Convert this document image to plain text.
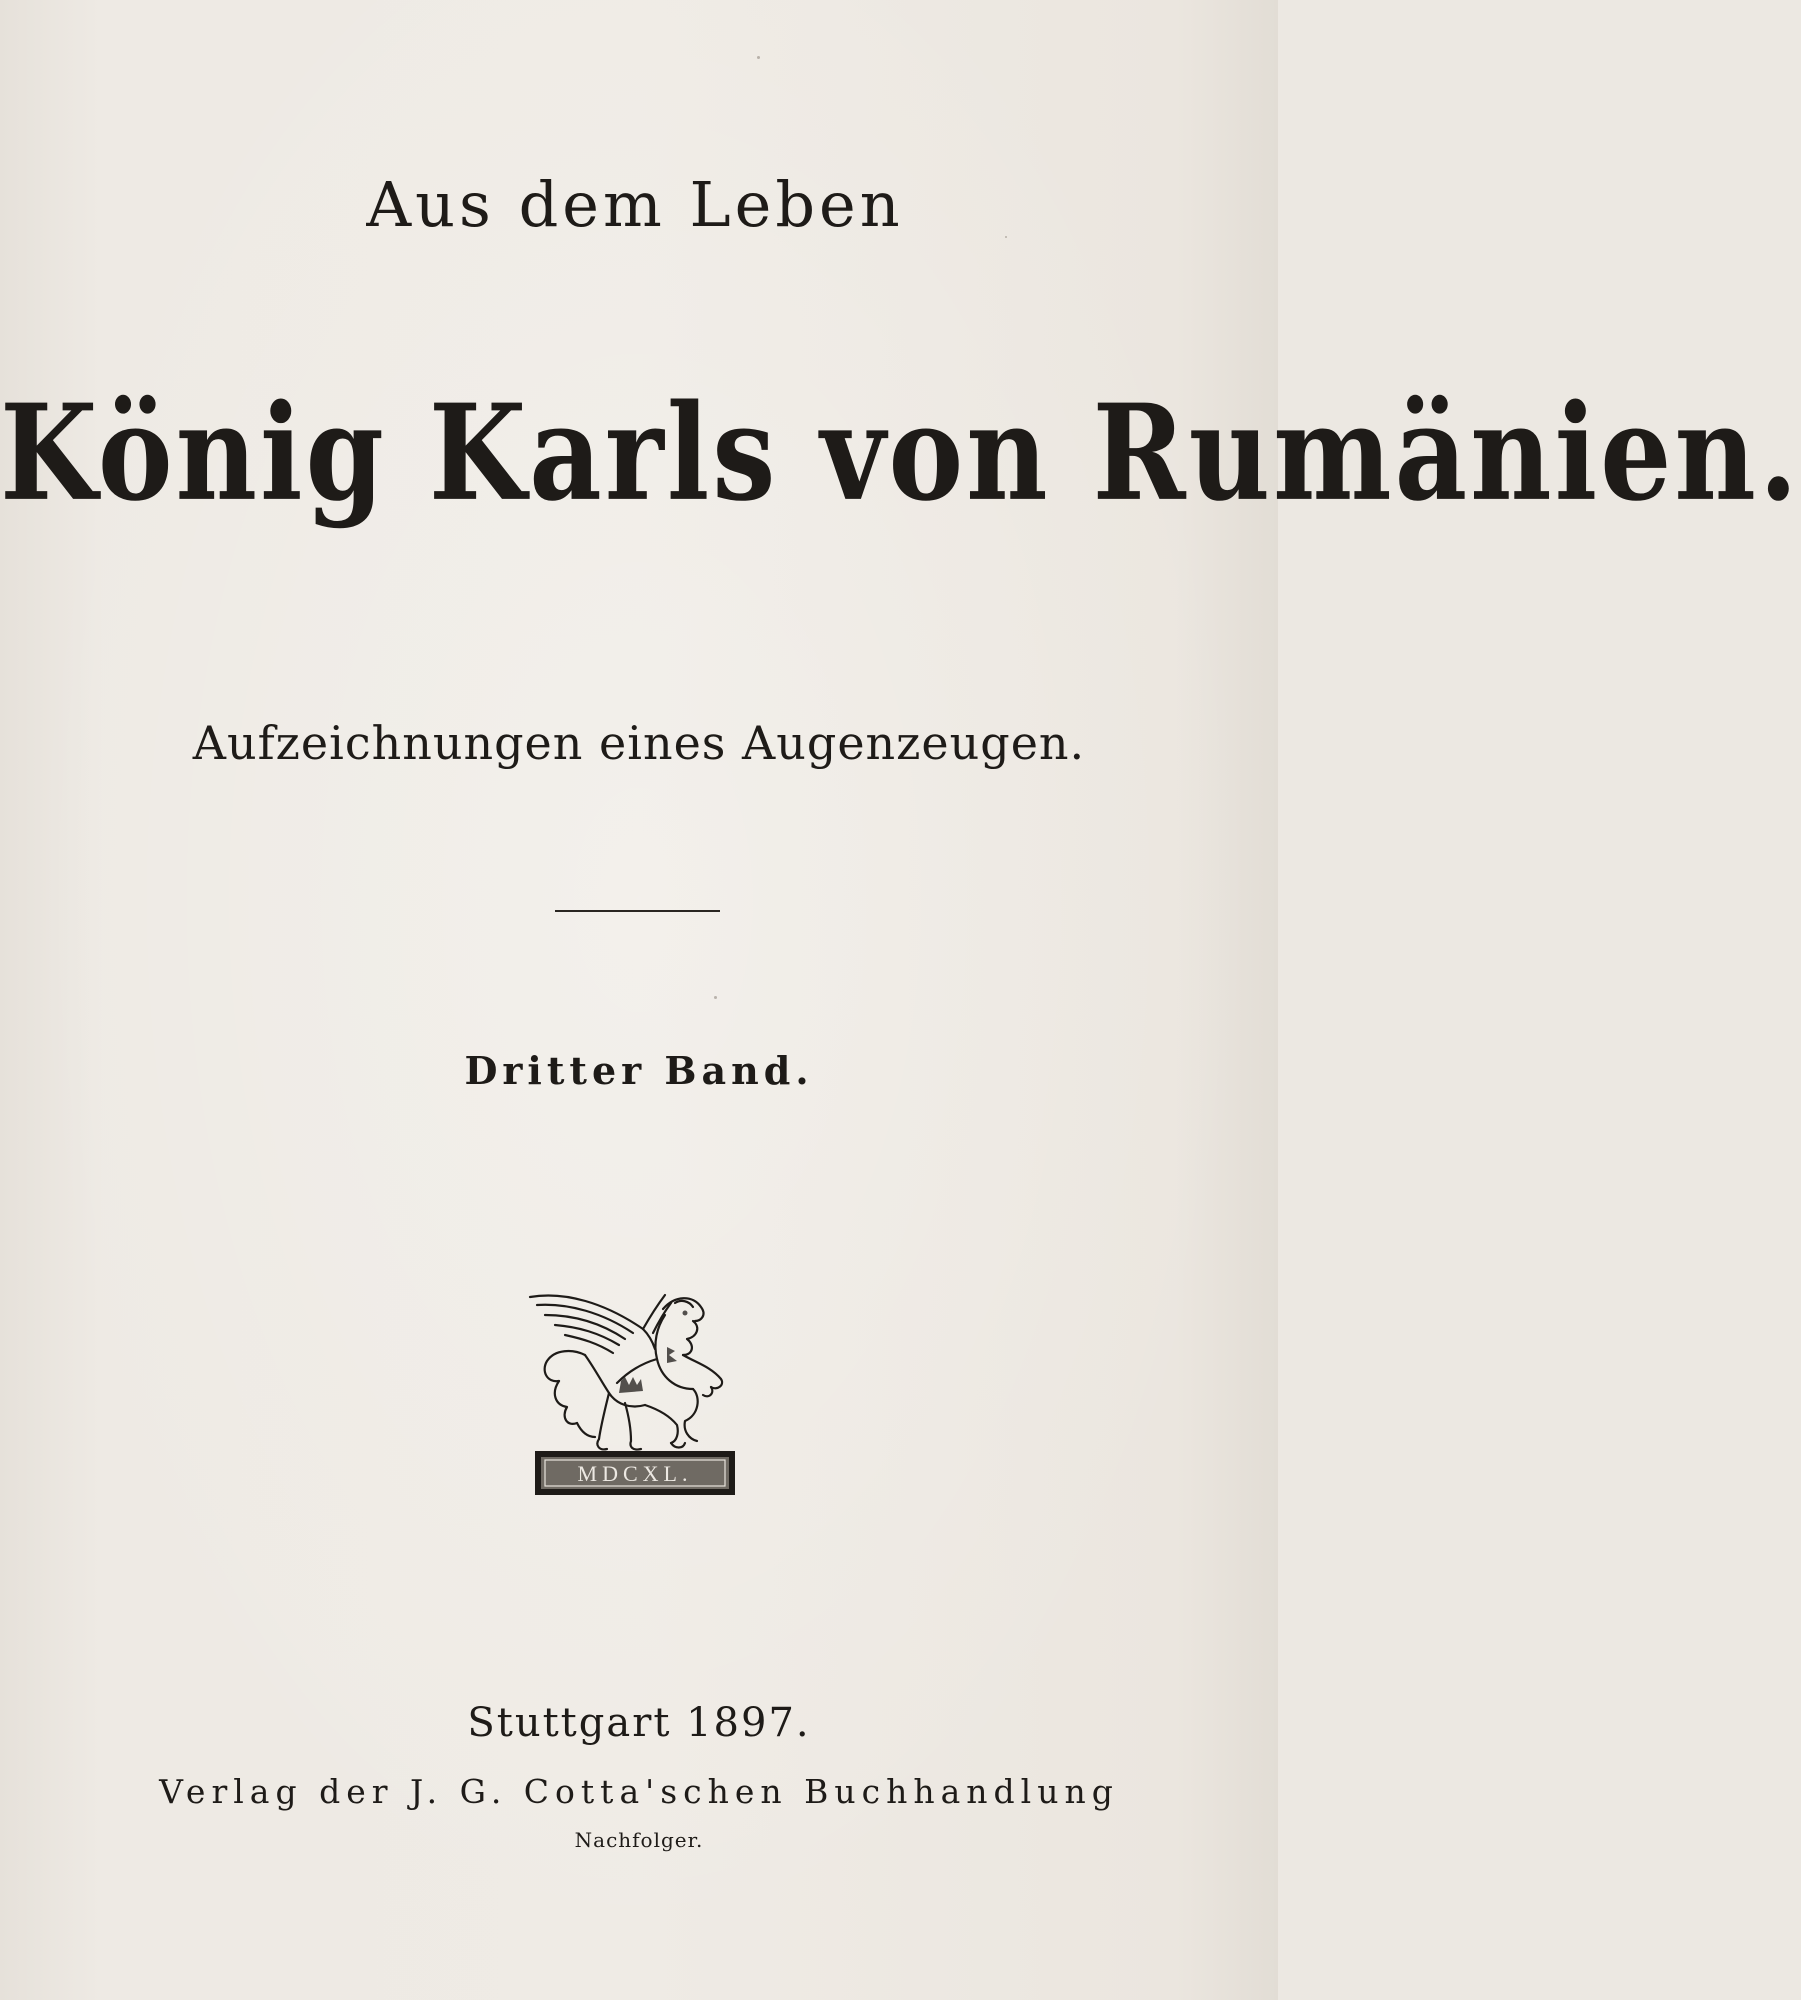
Aus dem Leben
König Karls von Rumänien.
Aufzeichnungen eines Augenzeugen.
Dritter Band.
MDCXL.
Stuttgart 1897.
Verlag der J. G. Cotta'schen Buchhandlung
Nachfolger.
